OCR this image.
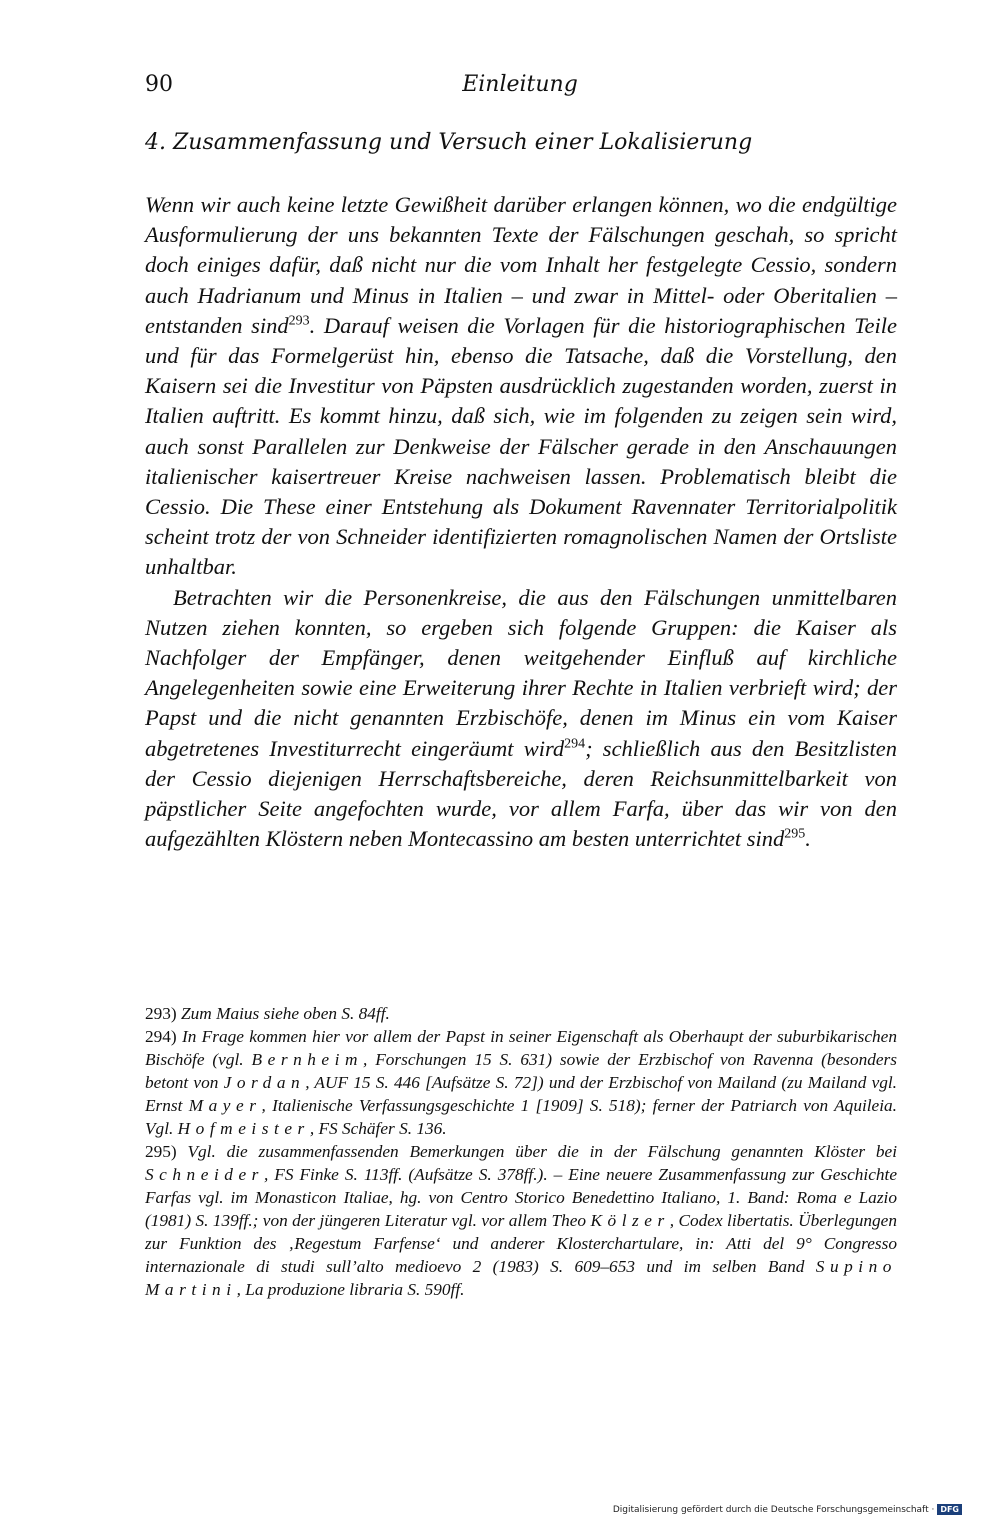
90	Einleitung
4. Zusammenfassung und Versuch einer Lokalisierung

Wenn wir auch keine letzte Gewißheit darüber erlangen können, wo die endgültige Ausformulierung der uns bekannten Texte der Fälschungen geschah, so spricht doch einiges dafür, daß nicht nur die vom Inhalt her festgelegte Cessio, sondern auch Hadrianum und Minus in Italien – und zwar in Mittel- oder Oberitalien – entstanden sind$^{293}$. Darauf weisen die Vorlagen für die historiographischen Teile und für das Formelgerüst hin, ebenso die Tatsache, daß die Vorstellung, den Kaisern sei die Investitur von Päpsten ausdrücklich zugestanden worden, zuerst in Italien auftritt. Es kommt hinzu, daß sich, wie im folgenden zu zeigen sein wird, auch sonst Parallelen zur Denkweise der Fälscher gerade in den Anschauungen italienischer kaisertreuer Kreise nachweisen lassen. Problematisch bleibt die Cessio. Die These einer Entstehung als Dokument Ravennater Territorialpolitik scheint trotz der von Schneider identifizierten romagnolischen Namen der Ortsliste unhaltbar.

Betrachten wir die Personenkreise, die aus den Fälschungen unmittelbaren Nutzen ziehen konnten, so ergeben sich folgende Gruppen: die Kaiser als Nachfolger der Empfänger, denen weitgehender Einfluß auf kirchliche Angelegenheiten sowie eine Erweiterung ihrer Rechte in Italien verbrieft wird; der Papst und die nicht genannten Erzbischöfe, denen im Minus ein vom Kaiser abgetretenes Investiturrecht eingeräumt wird$^{294}$; schließlich aus den Besitzlisten der Cessio diejenigen Herrschaftsbereiche, deren Reichsunmittelbarkeit von päpstlicher Seite angefochten wurde, vor allem Farfa, über das wir von den aufgezählten Klöstern neben Montecassino am besten unterrichtet sind$^{295}$.

293) Zum Maius siehe oben S. 84ff.

294) In Frage kommen hier vor allem der Papst in seiner Eigenschaft als Oberhaupt der suburbikarischen Bischöfe (vgl. Bernheim, Forschungen 15 S. 631) sowie der Erzbischof von Ravenna (besonders betont von Jordan, AUF 15 S. 446 [Aufsätze S. 72]) und der Erzbischof von Mailand (zu Mailand vgl. Ernst Mayer, Italienische Verfassungsgeschichte 1 [1909] S. 518); ferner der Patriarch von Aquileia. Vgl. Hofmeister, FS Schäfer S. 136.

295) Vgl. die zusammenfassenden Bemerkungen über die in der Fälschung genannten Klöster bei Schneider, FS Finke S. 113ff. (Aufsätze S. 378ff.). – Eine neuere Zusammenfassung zur Geschichte Farfas vgl. im Monasticon Italiae, hg. von Centro Storico Benedettino Italiano, 1. Band: Roma e Lazio (1981) S. 139ff.; von der jüngeren Literatur vgl. vor allem Theo Kölzer, Codex libertatis. Überlegungen zur Funktion des ‚Regestum Farfense‘ und anderer Klosterchartulare, in: Atti del 9° Congresso internazionale di studi sull’alto medioevo 2 (1983) S. 609–653 und im selben Band Supino Martini, La produzione libraria S. 590ff.

Digitalisierung gefördert durch die Deutsche Forschungsgemeinschaft · DFG
